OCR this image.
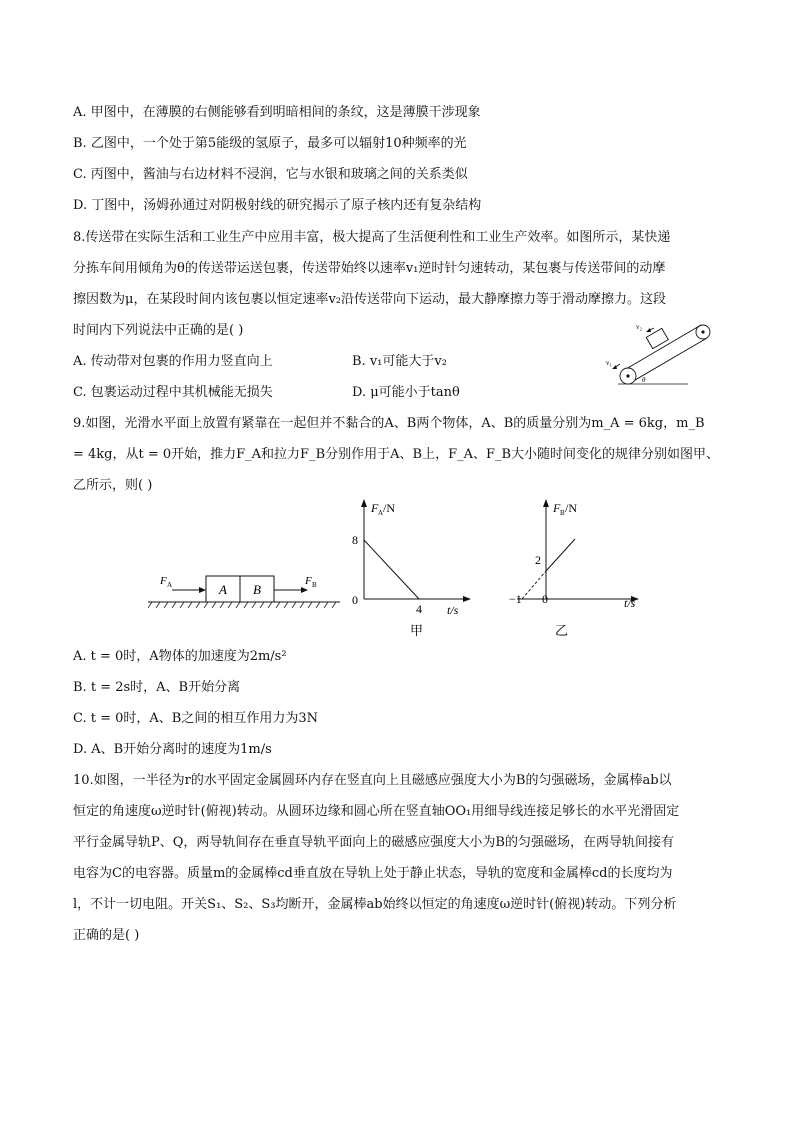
A. 甲图中，在薄膜的右侧能够看到明暗相间的条纹，这是薄膜干涉现象
B. 乙图中，一个处于第5能级的氢原子，最多可以辐射10种频率的光
C. 丙图中，酱油与右边材料不浸润，它与水银和玻璃之间的关系类似
D. 丁图中，汤姆孙通过对阴极射线的研究揭示了原子核内还有复杂结构
8.传送带在实际生活和工业生产中应用丰富，极大提高了生活便利性和工业生产效率。如图所示，某快递
分拣车间用倾角为θ的传送带运送包裹，传送带始终以速率v₁逆时针匀速转动，某包裹与传送带间的动摩
擦因数为μ，在某段时间内该包裹以恒定速率v₂沿传送带向下运动，最大静摩擦力等于滑动摩擦力。这段
时间内下列说法中正确的是( )
A. 传动带对包裹的作用力竖直向上	B. v₁可能大于v₂
C. 包裹运动过程中其机械能无损失	D. μ可能小于tanθ
v₂
v₁
θ
9.如图，光滑水平面上放置有紧靠在一起但并不黏合的A、B两个物体，A、B的质量分别为m_A = 6kg，m_B
= 4kg，从t = 0开始，推力F_A和拉力F_B分别作用于A、B上，F_A、F_B大小随时间变化的规律分别如图甲、
乙所示，则( )
A B
F A	F B
F A /N
8
0
4 t/s
甲
F B /N
2
−1 0	t/s
乙
A. t = 0时，A物体的加速度为2m/s²
B. t = 2s时，A、B开始分离
C. t = 0时，A、B之间的相互作用力为3N
D. A、B开始分离时的速度为1m/s
10.如图，一半径为r的水平固定金属圆环内存在竖直向上且磁感应强度大小为B的匀强磁场，金属棒ab以
恒定的角速度ω逆时针(俯视)转动。从圆环边缘和圆心所在竖直轴OO₁用细导线连接足够长的水平光滑固定
平行金属导轨P、Q，两导轨间存在垂直导轨平面向上的磁感应强度大小为B的匀强磁场，在两导轨间接有
电容为C的电容器。质量m的金属棒cd垂直放在导轨上处于静止状态，导轨的宽度和金属棒cd的长度均为
l，不计一切电阻。开关S₁、S₂、S₃均断开，金属棒ab始终以恒定的角速度ω逆时针(俯视)转动。下列分析
正确的是( )
